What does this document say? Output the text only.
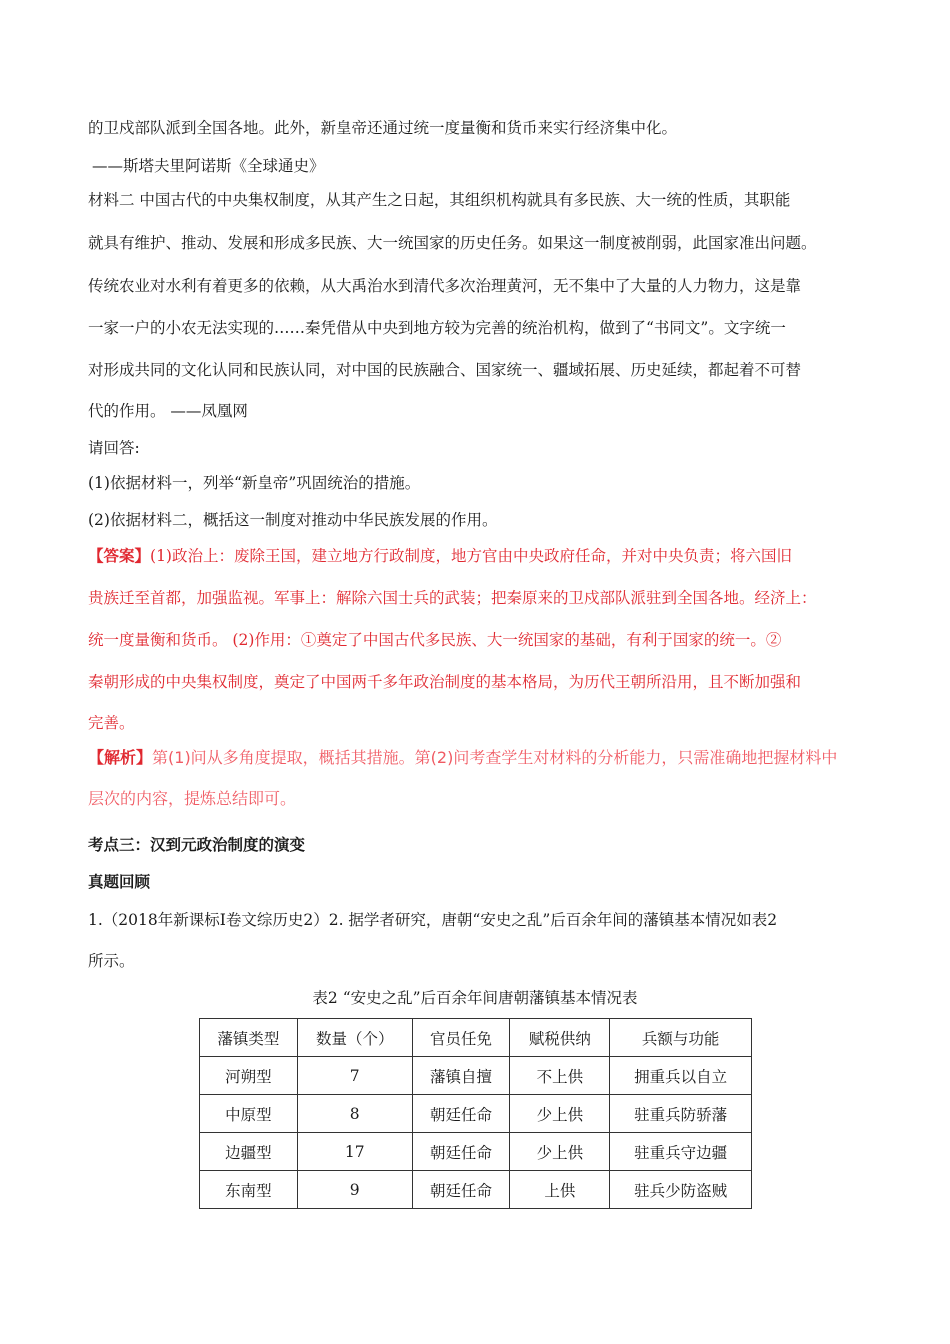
的卫戍部队派到全国各地。此外，新皇帝还通过统一度量衡和货币来实行经济集中化。
——斯塔夫里阿诺斯《全球通史》
材料二 中国古代的中央集权制度，从其产生之日起，其组织机构就具有多民族、大一统的性质，其职能
就具有维护、推动、发展和形成多民族、大一统国家的历史任务。如果这一制度被削弱，此国家准出问题。
传统农业对水利有着更多的依赖，从大禹治水到清代多次治理黄河，无不集中了大量的人力物力，这是靠
一家一户的小农无法实现的……秦凭借从中央到地方较为完善的统治机构，做到了“书同文”。文字统一
对形成共同的文化认同和民族认同，对中国的民族融合、国家统一、疆域拓展、历史延续，都起着不可替
代的作用。 ——凤凰网
请回答:
(1)依据材料一，列举“新皇帝”巩固统治的措施。
(2)依据材料二，概括这一制度对推动中华民族发展的作用。
【答案】(1)政治上：废除王国，建立地方行政制度，地方官由中央政府任命，并对中央负责；将六国旧
贵族迁至首都，加强监视。军事上：解除六国士兵的武装；把秦原来的卫戍部队派驻到全国各地。经济上：
统一度量衡和货币。 (2)作用：①奠定了中国古代多民族、大一统国家的基础，有利于国家的统一。②
秦朝形成的中央集权制度，奠定了中国两千多年政治制度的基本格局，为历代王朝所沿用，且不断加强和
完善。
【解析】第(1)问从多角度提取，概括其措施。第(2)问考查学生对材料的分析能力，只需准确地把握材料中
层次的内容，提炼总结即可。
考点三：汉到元政治制度的演变
真题回顾
1.（2018年新课标Ⅰ卷文综历史2）2. 据学者研究，唐朝“安史之乱”后百余年间的藩镇基本情况如表2
所示。
表2 “安史之乱”后百余年间唐朝藩镇基本情况表
藩镇类型	数量（个）	官员任免	赋税供纳	兵额与功能
河朔型	7	藩镇自擅	不上供	拥重兵以自立
中原型	8	朝廷任命	少上供	驻重兵防骄藩
边疆型	17	朝廷任命	少上供	驻重兵守边疆
东南型	9	朝廷任命	上供	驻兵少防盗贼
